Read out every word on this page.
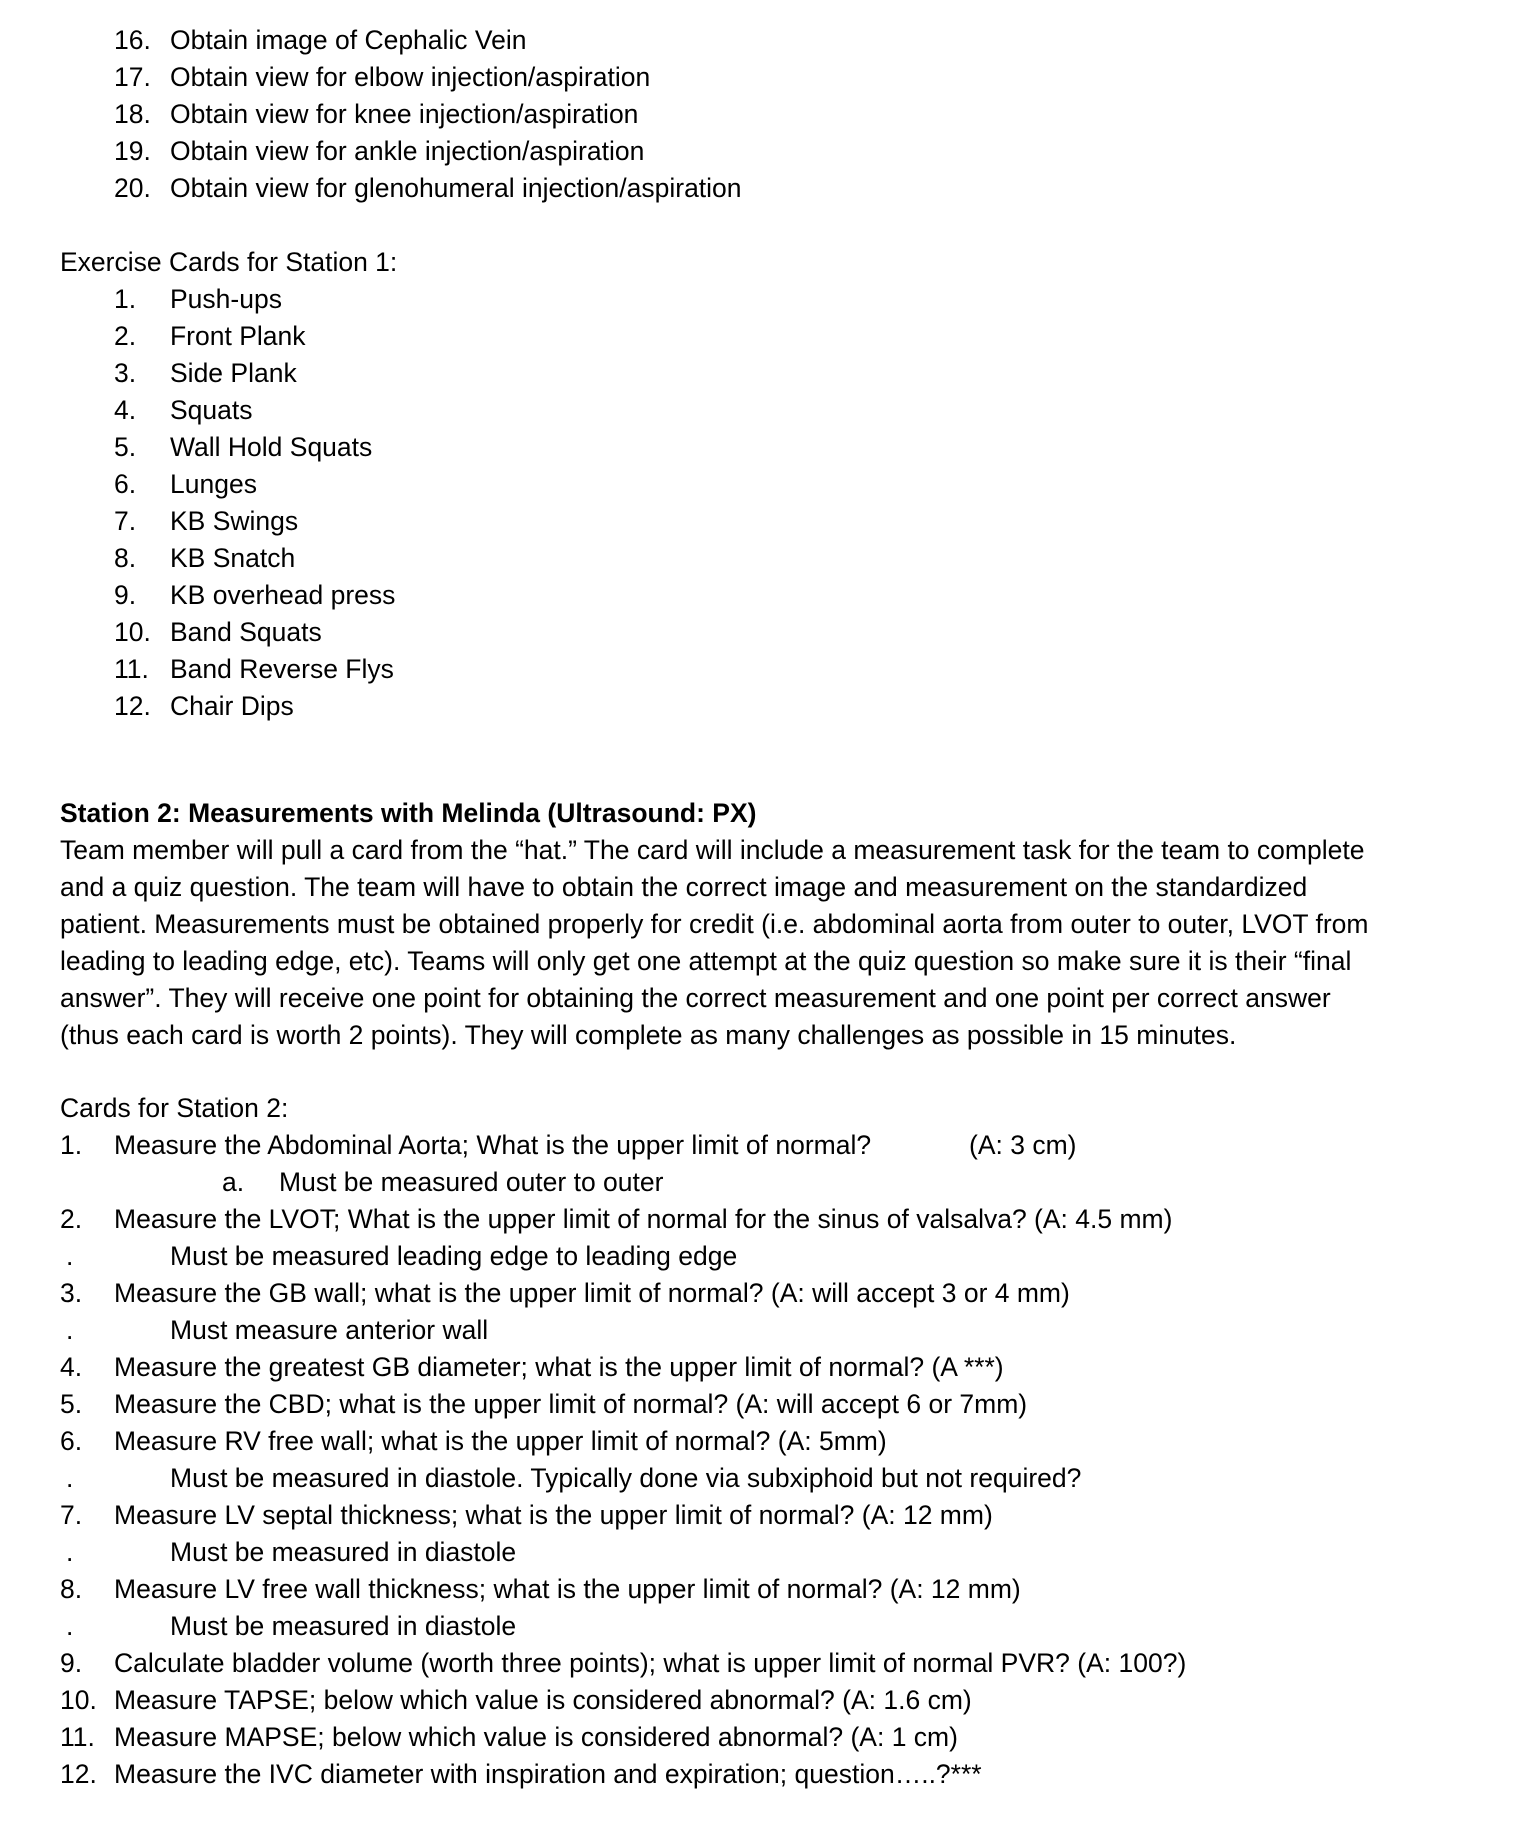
16. Obtain image of Cephalic Vein
17. Obtain view for elbow injection/aspiration
18. Obtain view for knee injection/aspiration
19. Obtain view for ankle injection/aspiration
20. Obtain view for glenohumeral injection/aspiration
Exercise Cards for Station 1:
1. Push-ups
2. Front Plank
3. Side Plank
4. Squats
5. Wall Hold Squats
6. Lunges
7. KB Swings
8. KB Snatch
9. KB overhead press
10. Band Squats
11. Band Reverse Flys
12. Chair Dips
Station 2: Measurements with Melinda (Ultrasound: PX)
Team member will pull a card from the “hat.” The card will include a measurement task for the team to complete
and a quiz question. The team will have to obtain the correct image and measurement on the standardized
patient. Measurements must be obtained properly for credit (i.e. abdominal aorta from outer to outer, LVOT from
leading to leading edge, etc). Teams will only get one attempt at the quiz question so make sure it is their “final
answer”. They will receive one point for obtaining the correct measurement and one point per correct answer
(thus each card is worth 2 points). They will complete as many challenges as possible in 15 minutes.
Cards for Station 2:
1. Measure the Abdominal Aorta; What is the upper limit of normal?	(A: 3 cm)
a. Must be measured outer to outer
2. Measure the LVOT; What is the upper limit of normal for the sinus of valsalva? (A: 4.5 mm)
.	Must be measured leading edge to leading edge
3. Measure the GB wall; what is the upper limit of normal? (A: will accept 3 or 4 mm)
.	Must measure anterior wall
4. Measure the greatest GB diameter; what is the upper limit of normal? (A ***)
5. Measure the CBD; what is the upper limit of normal? (A: will accept 6 or 7mm)
6. Measure RV free wall; what is the upper limit of normal? (A: 5mm)
.	Must be measured in diastole. Typically done via subxiphoid but not required?
7. Measure LV septal thickness; what is the upper limit of normal? (A: 12 mm)
.	Must be measured in diastole
8. Measure LV free wall thickness; what is the upper limit of normal? (A: 12 mm)
.	Must be measured in diastole
9. Calculate bladder volume (worth three points); what is upper limit of normal PVR? (A: 100?)
10. Measure TAPSE; below which value is considered abnormal? (A: 1.6 cm)
11. Measure MAPSE; below which value is considered abnormal? (A: 1 cm)
12. Measure the IVC diameter with inspiration and expiration; question…..?***
